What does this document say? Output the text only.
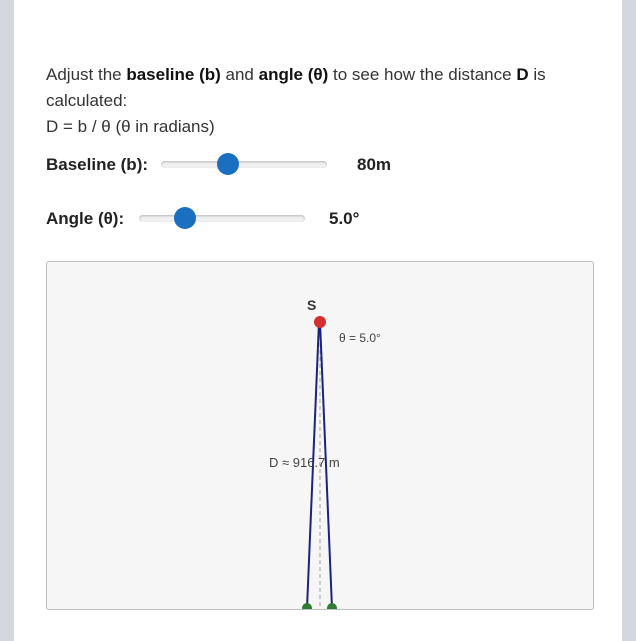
Adjust the baseline (b) and angle (θ) to see how the distance D is calculated:
D = b / θ (θ in radians)
Baseline (b):	80m
Angle (θ):	5.0°
S
θ = 5.0°
D ≈ 916.7 m
